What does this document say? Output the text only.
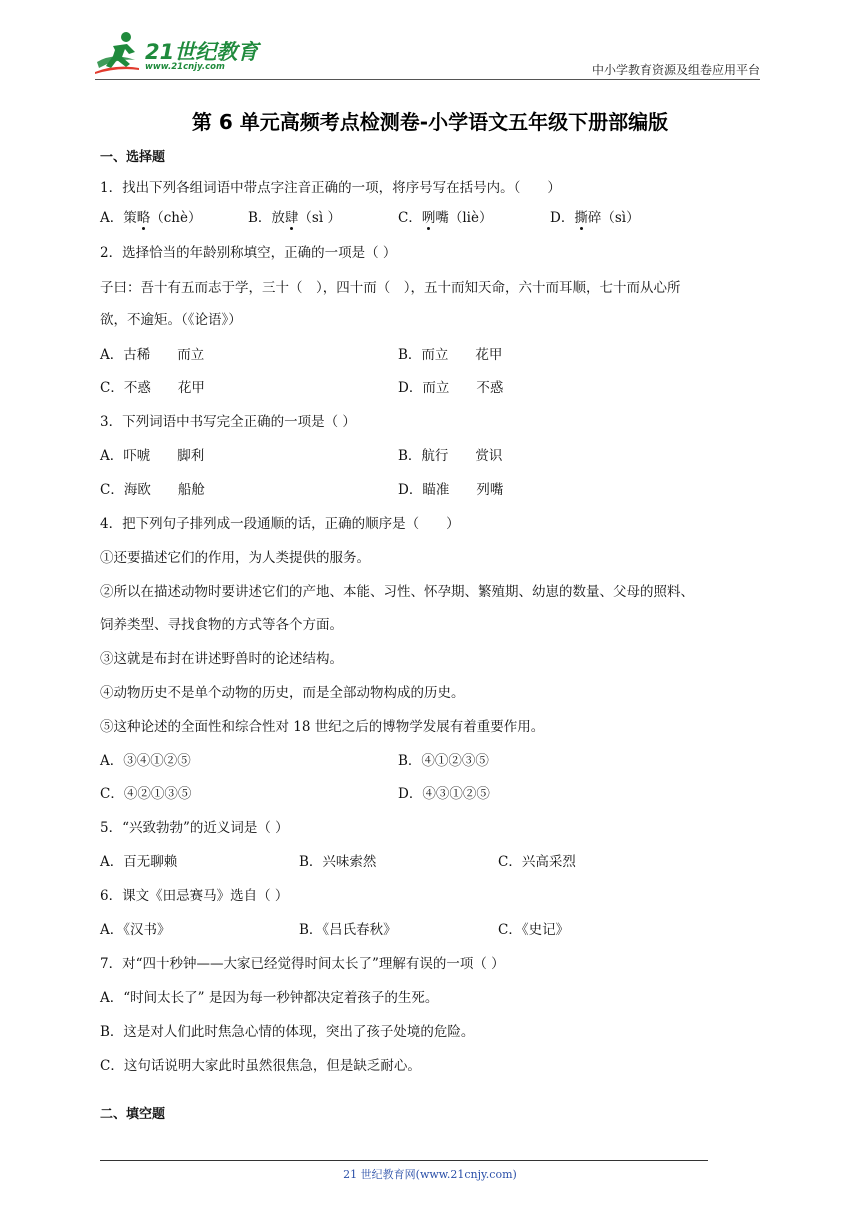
21世纪教育
www.21cnjy.com	中小学教育资源及组卷应用平台
第 6 单元高频考点检测卷-小学语文五年级下册部编版
一、选择题
1．找出下列各组词语中带点字注音正确的一项，将序号写在括号内。（　　）
A．策略（chè）	B．放肆（sì ）	C．咧嘴（liè）	D．撕碎（sì）
2．选择恰当的年龄别称填空，正确的一项是（ ）
子曰：吾十有五而志于学，三十（　），四十而（　），五十而知天命，六十而耳顺，七十而从心所
欲，不逾矩。（《论语》）
A．古稀　　而立	B．而立　　花甲
C．不惑　　花甲	D．而立　　不惑
3．下列词语中书写完全正确的一项是（ ）
A．吓唬　　脚利	B．航行　　赏识
C．海欧　　船舱	D．瞄准　　列嘴
4．把下列句子排列成一段通顺的话，正确的顺序是（　　）
①还要描述它们的作用，为人类提供的服务。
②所以在描述动物时要讲述它们的产地、本能、习性、怀孕期、繁殖期、幼崽的数量、父母的照料、
饲养类型、寻找食物的方式等各个方面。
③这就是布封在讲述野兽时的论述结构。
④动物历史不是单个动物的历史，而是全部动物构成的历史。
⑤这种论述的全面性和综合性对 18 世纪之后的博物学发展有着重要作用。
A．③④①②⑤	B．④①②③⑤
C．④②①③⑤	D．④③①②⑤
5．“兴致勃勃”的近义词是（ ）
A．百无聊赖	B．兴味索然	C．兴高采烈
6．课文《田忌赛马》选自（ ）
A．《汉书》	B．《吕氏春秋》	C．《史记》
7．对“四十秒钟——大家已经觉得时间太长了”理解有误的一项（ ）
A．“时间太长了” 是因为每一秒钟都决定着孩子的生死。
B．这是对人们此时焦急心情的体现，突出了孩子处境的危险。
C．这句话说明大家此时虽然很焦急，但是缺乏耐心。
二、填空题
21 世纪教育网(www.21cnjy.com)
